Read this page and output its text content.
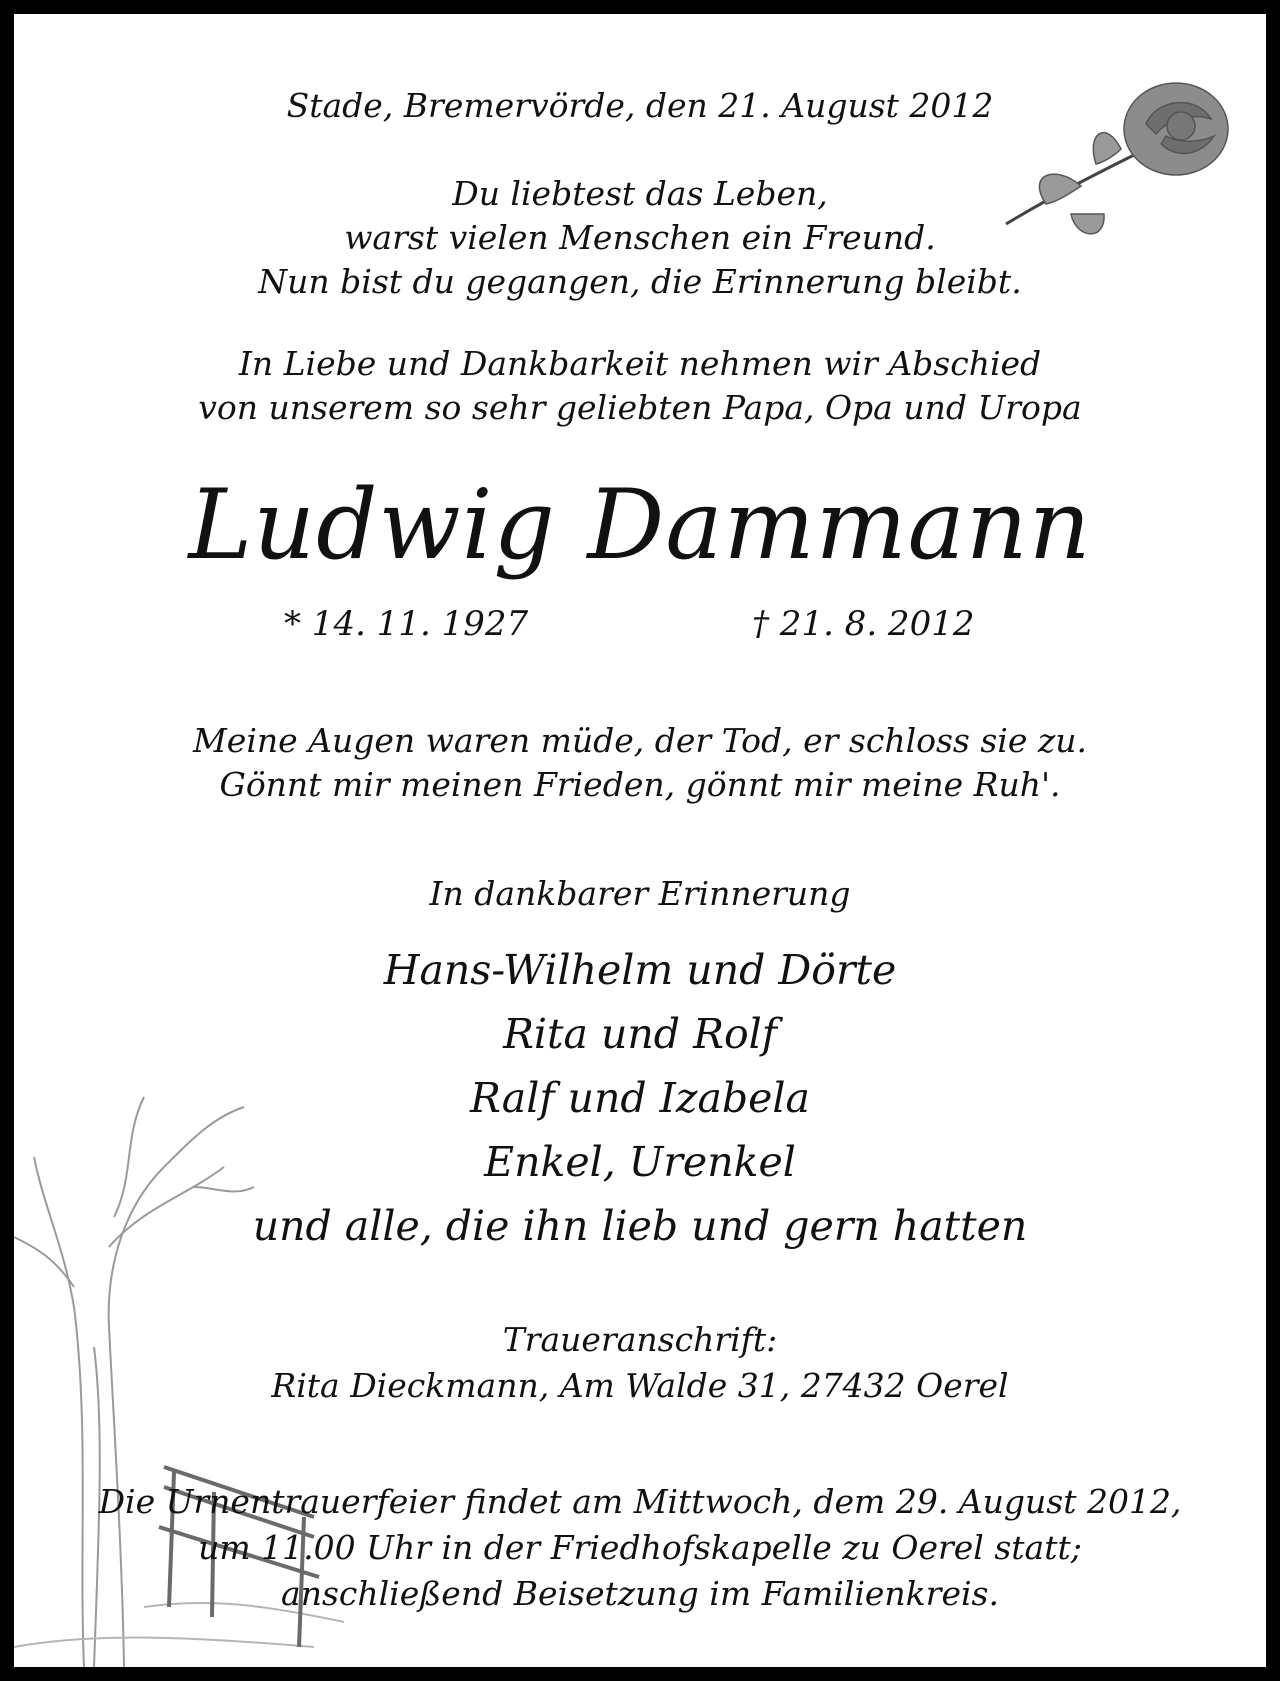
Stade, Bremervörde, den 21. August 2012
Du liebtest das Leben,
warst vielen Menschen ein Freund.
Nun bist du gegangen, die Erinnerung bleibt.
In Liebe und Dankbarkeit nehmen wir Abschied
von unserem so sehr geliebten Papa, Opa und Uropa
Ludwig Dammann
* 14. 11. 1927	† 21. 8. 2012
Meine Augen waren müde, der Tod, er schloss sie zu.
Gönnt mir meinen Frieden, gönnt mir meine Ruh'.
In dankbarer Erinnerung
Hans-Wilhelm und Dörte
Rita und Rolf
Ralf und Izabela
Enkel, Urenkel
und alle, die ihn lieb und gern hatten
Traueranschrift:
Rita Dieckmann, Am Walde 31, 27432 Oerel
Die Urnentrauerfeier findet am Mittwoch, dem 29. August 2012,
um 11.00 Uhr in der Friedhofskapelle zu Oerel statt;
anschließend Beisetzung im Familienkreis.
